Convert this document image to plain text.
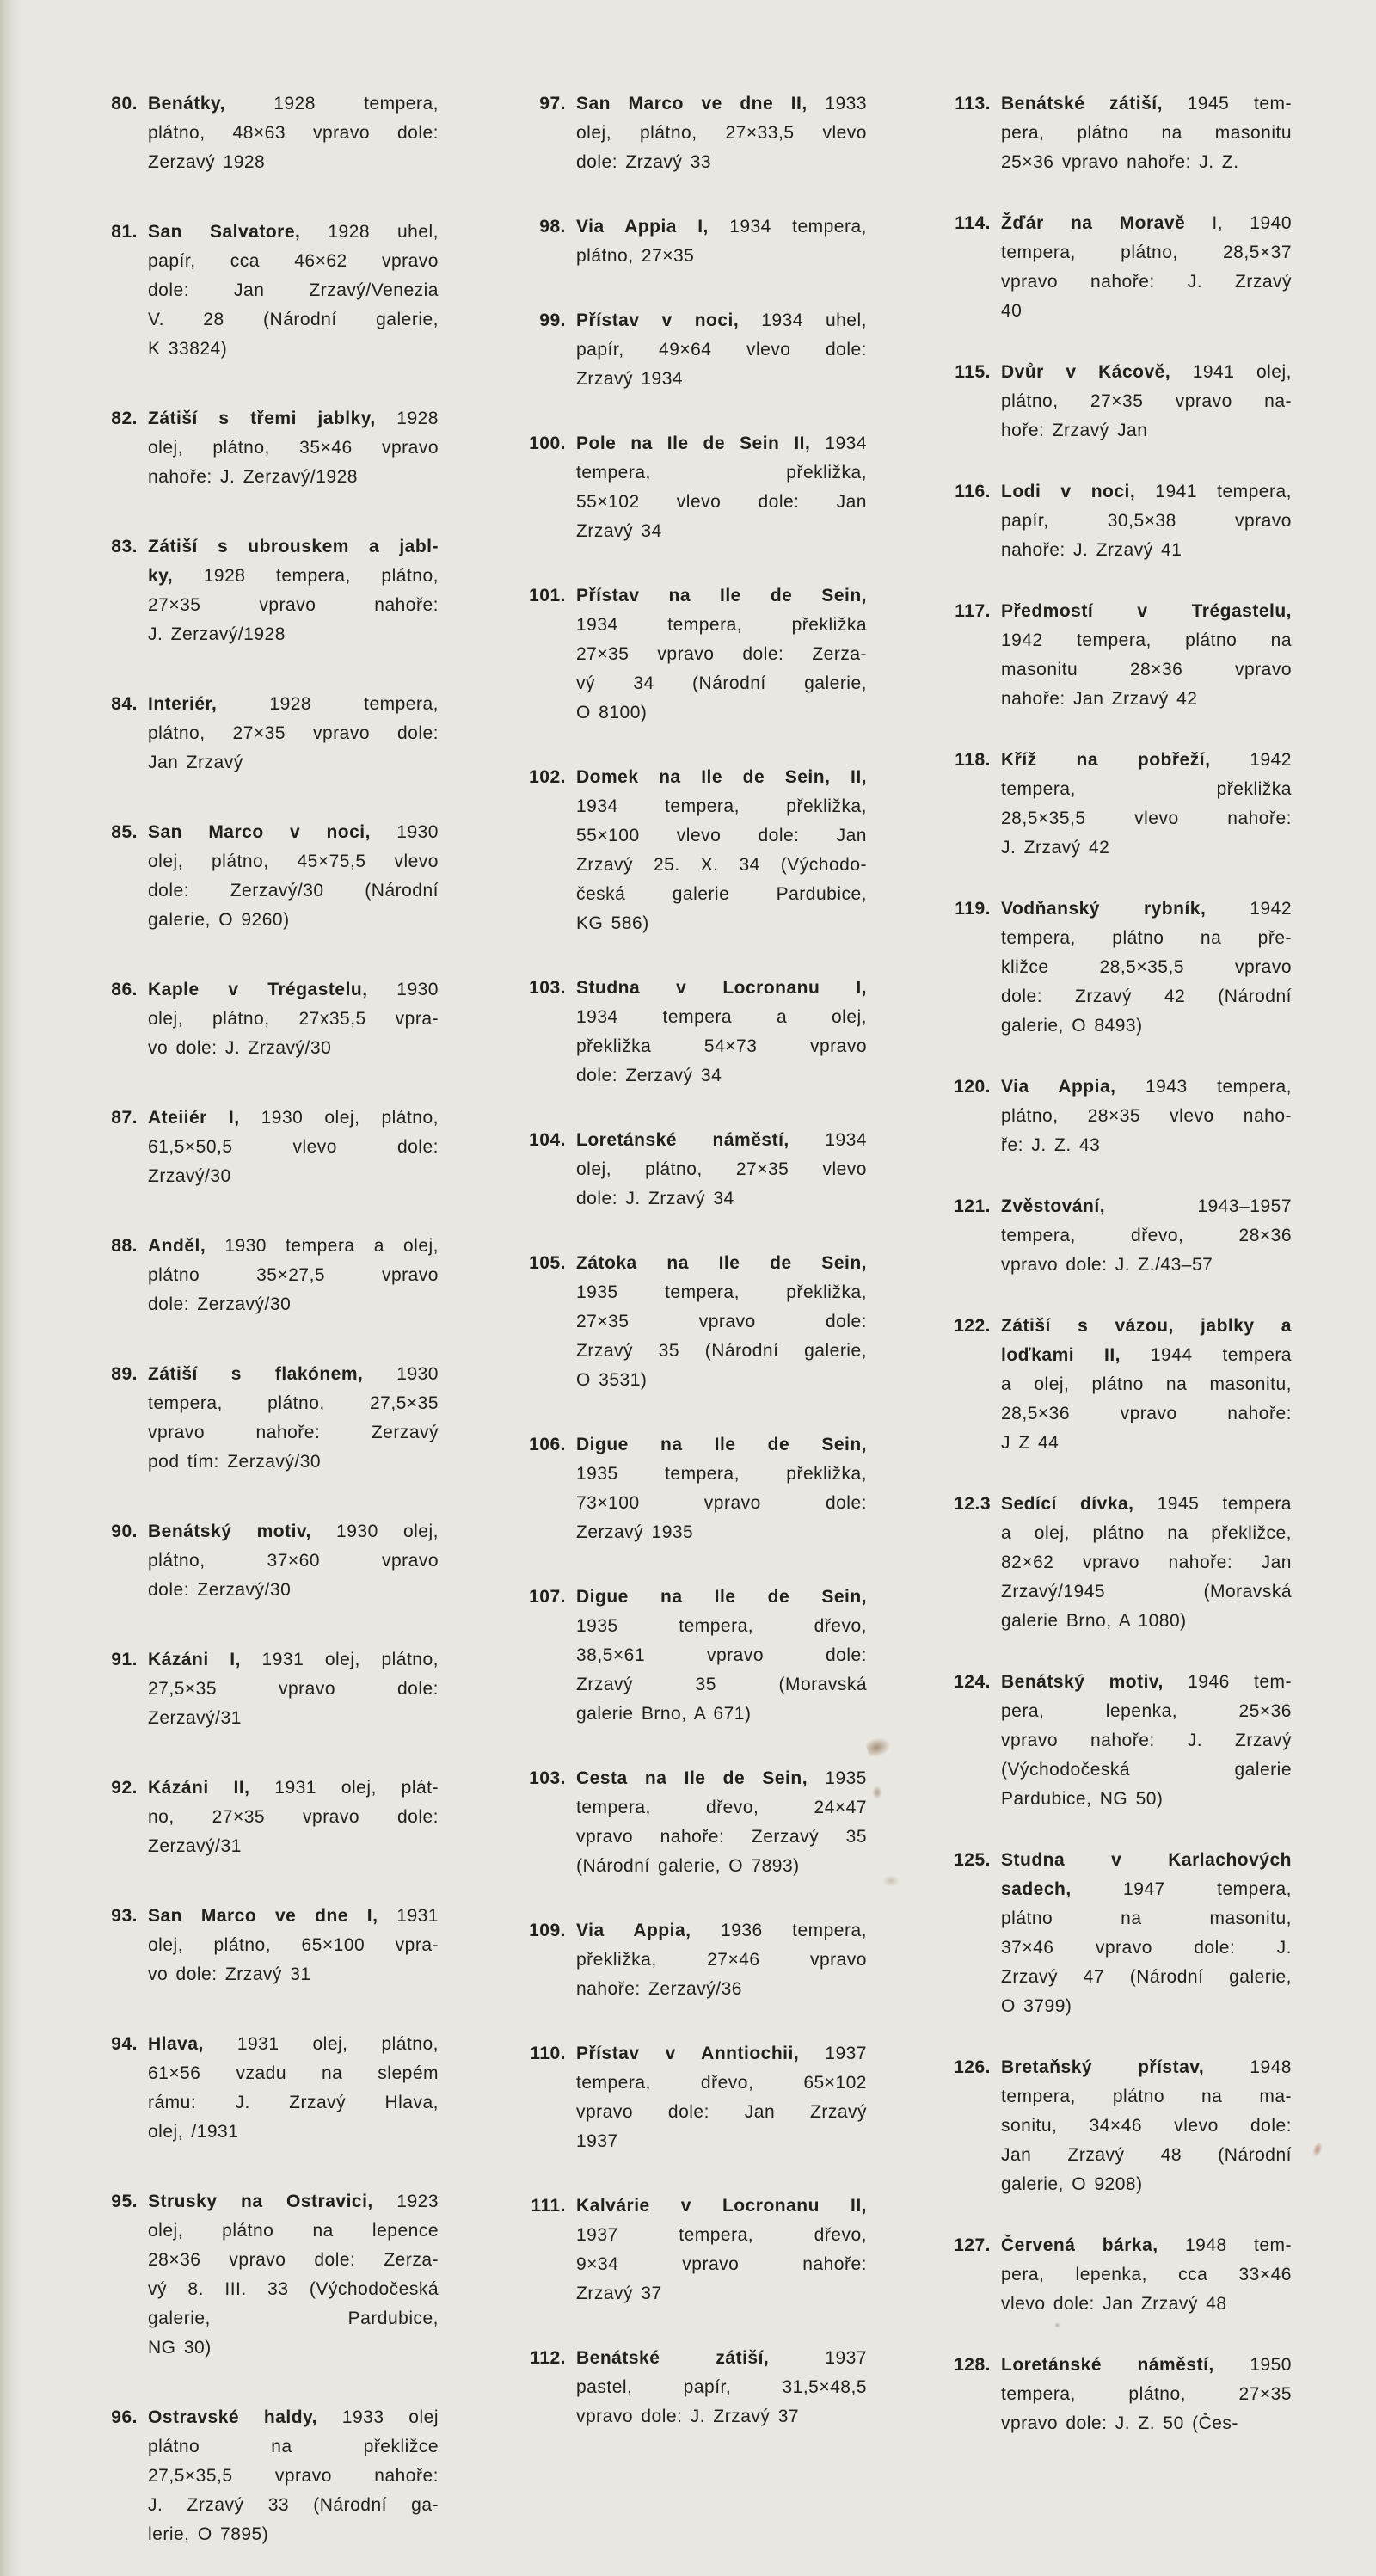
80. Benátky, 1928 tempera,
plátno, 48×63 vpravo dole:
Zerzavý 1928
81. San Salvatore, 1928 uhel,
papír, cca 46×62 vpravo
dole: Jan Zrzavý/Venezia
V. 28 (Národní galerie,
K 33824)
82. Zátiší s třemi jablky, 1928
olej, plátno, 35×46 vpravo
nahoře: J. Zerzavý/1928
83. Zátiší s ubrouskem a jabl-
ky, 1928 tempera, plátno,
27×35 vpravo nahoře:
J. Zerzavý/1928
84. Interiér, 1928 tempera,
plátno, 27×35 vpravo dole:
Jan Zrzavý
85. San Marco v noci, 1930
olej, plátno, 45×75,5 vlevo
dole: Zerzavý/30 (Národní
galerie, O 9260)
86. Kaple v Trégastelu, 1930
olej, plátno, 27x35,5 vpra-
vo dole: J. Zrzavý/30
87. Ateiiér I, 1930 olej, plátno,
61,5×50,5 vlevo dole:
Zrzavý/30
88. Anděl, 1930 tempera a olej,
plátno 35×27,5 vpravo
dole: Zerzavý/30
89. Zátiší s flakónem, 1930
tempera, plátno, 27,5×35
vpravo nahoře: Zerzavý
pod tím: Zerzavý/30
90. Benátský motiv, 1930 olej,
plátno, 37×60 vpravo
dole: Zerzavý/30
91. Kázáni I, 1931 olej, plátno,
27,5×35 vpravo dole:
Zerzavý/31
92. Kázáni II, 1931 olej, plát-
no, 27×35 vpravo dole:
Zerzavý/31
93. San Marco ve dne I, 1931
olej, plátno, 65×100 vpra-
vo dole: Zrzavý 31
94. Hlava, 1931 olej, plátno,
61×56 vzadu na slepém
rámu: J. Zrzavý Hlava,
olej, /1931
95. Strusky na Ostravici, 1923
olej, plátno na lepence
28×36 vpravo dole: Zerza-
vý 8. III. 33 (Východočeská
galerie, Pardubice,
NG 30)
96. Ostravské haldy, 1933 olej
plátno na překližce
27,5×35,5 vpravo nahoře:
J. Zrzavý 33 (Národní ga-
lerie, O 7895)
97. San Marco ve dne II, 1933
olej, plátno, 27×33,5 vlevo
dole: Zrzavý 33
98. Via Appia I, 1934 tempera,
plátno, 27×35
99. Přístav v noci, 1934 uhel,
papír, 49×64 vlevo dole:
Zrzavý 1934
100. Pole na Ile de Sein II, 1934
tempera, překližka,
55×102 vlevo dole: Jan
Zrzavý 34
101. Přístav na Ile de Sein,
1934 tempera, překližka
27×35 vpravo dole: Zerza-
vý 34 (Národní galerie,
O 8100)
102. Domek na Ile de Sein, II,
1934 tempera, překližka,
55×100 vlevo dole: Jan
Zrzavý 25. X. 34 (Východo-
česká galerie Pardubice,
KG 586)
103. Studna v Locronanu I,
1934 tempera a olej,
překližka 54×73 vpravo
dole: Zerzavý 34
104. Loretánské náměstí, 1934
olej, plátno, 27×35 vlevo
dole: J. Zrzavý 34
105. Zátoka na Ile de Sein,
1935 tempera, překližka,
27×35 vpravo dole:
Zrzavý 35 (Národní galerie,
O 3531)
106. Digue na Ile de Sein,
1935 tempera, překližka,
73×100 vpravo dole:
Zerzavý 1935
107. Digue na Ile de Sein,
1935 tempera, dřevo,
38,5×61 vpravo dole:
Zrzavý 35 (Moravská
galerie Brno, A 671)
103. Cesta na Ile de Sein, 1935
tempera, dřevo, 24×47
vpravo nahoře: Zerzavý 35
(Národní galerie, O 7893)
109. Via Appia, 1936 tempera,
překližka, 27×46 vpravo
nahoře: Zerzavý/36
110. Přístav v Anntiochii, 1937
tempera, dřevo, 65×102
vpravo dole: Jan Zrzavý
1937
111. Kalvárie v Locronanu II,
1937 tempera, dřevo,
9×34 vpravo nahoře:
Zrzavý 37
112. Benátské zátiší, 1937
pastel, papír, 31,5×48,5
vpravo dole: J. Zrzavý 37
113. Benátské zátiší, 1945 tem-
pera, plátno na masonitu
25×36 vpravo nahoře: J. Z.
114. Žďár na Moravě I, 1940
tempera, plátno, 28,5×37
vpravo nahoře: J. Zrzavý
40
115. Dvůr v Kácově, 1941 olej,
plátno, 27×35 vpravo na-
hoře: Zrzavý Jan
116. Lodi v noci, 1941 tempera,
papír, 30,5×38 vpravo
nahoře: J. Zrzavý 41
117. Předmostí v Trégastelu,
1942 tempera, plátno na
masonitu 28×36 vpravo
nahoře: Jan Zrzavý 42
118. Kříž na pobřeží, 1942
tempera, překližka
28,5×35,5 vlevo nahoře:
J. Zrzavý 42
119. Vodňanský rybník, 1942
tempera, plátno na pře-
kližce 28,5×35,5 vpravo
dole: Zrzavý 42 (Národní
galerie, O 8493)
120. Via Appia, 1943 tempera,
plátno, 28×35 vlevo naho-
ře: J. Z. 43
121. Zvěstování, 1943–1957
tempera, dřevo, 28×36
vpravo dole: J. Z./43–57
122. Zátiší s vázou, jablky a
loďkami II, 1944 tempera
a olej, plátno na masonitu,
28,5×36 vpravo nahoře:
J Z 44
12.3 Sedící dívka, 1945 tempera
a olej, plátno na překližce,
82×62 vpravo nahoře: Jan
Zrzavý/1945 (Moravská
galerie Brno, A 1080)
124. Benátský motiv, 1946 tem-
pera, lepenka, 25×36
vpravo nahoře: J. Zrzavý
(Východočeská galerie
Pardubice, NG 50)
125. Studna v Karlachových
sadech, 1947 tempera,
plátno na masonitu,
37×46 vpravo dole: J.
Zrzavý 47 (Národní galerie,
O 3799)
126. Bretaňský přístav, 1948
tempera, plátno na ma-
sonitu, 34×46 vlevo dole:
Jan Zrzavý 48 (Národní
galerie, O 9208)
127. Červená bárka, 1948 tem-
pera, lepenka, cca 33×46
vlevo dole: Jan Zrzavý 48
128. Loretánské náměstí, 1950
tempera, plátno, 27×35
vpravo dole: J. Z. 50 (Čes-
